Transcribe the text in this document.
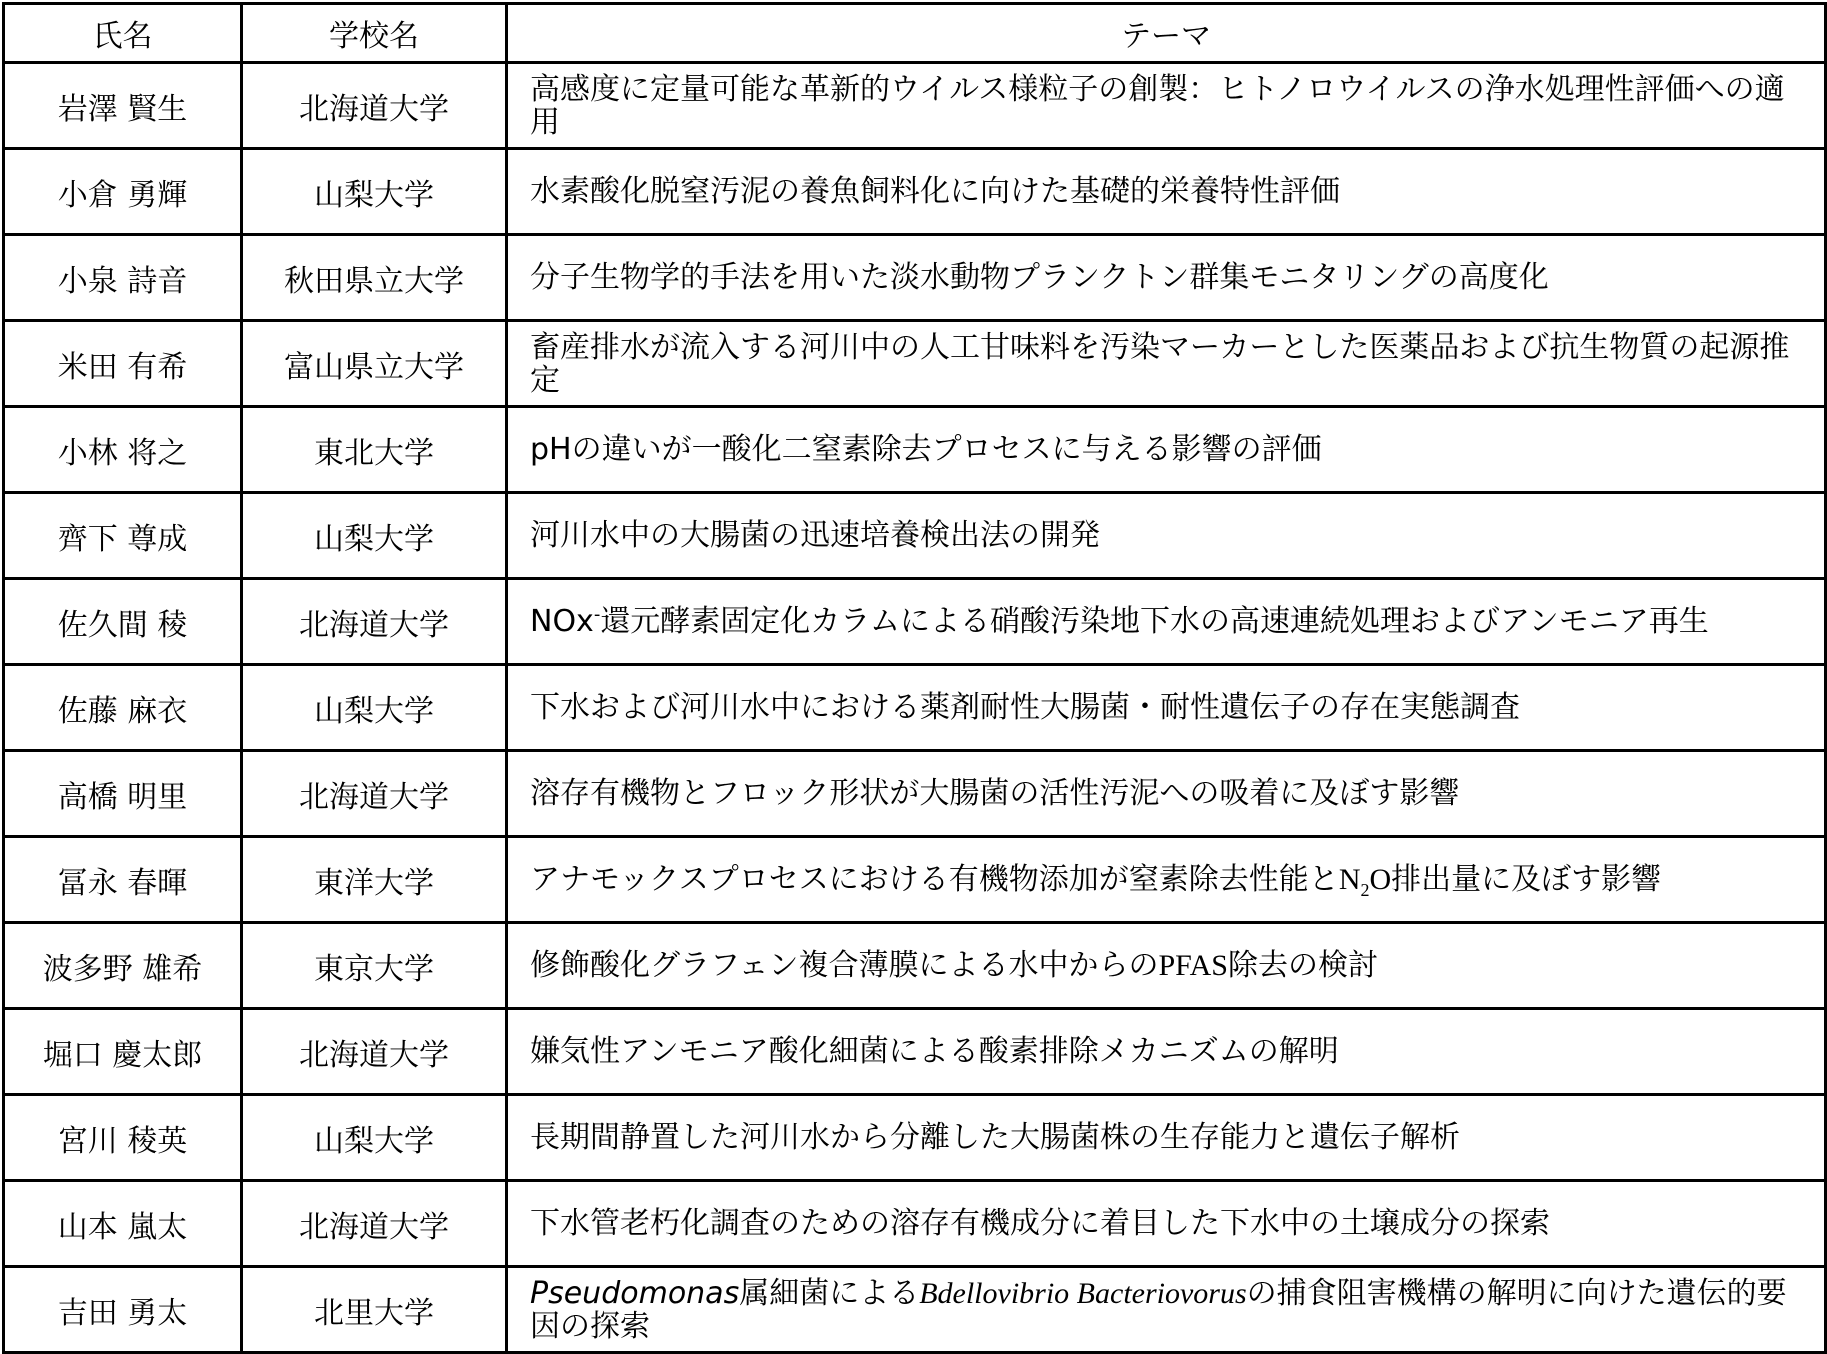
氏名	学校名	テーマ
岩澤 賢生	北海道大学	高感度に定量可能な革新的ウイルス様粒子の創製：ヒトノロウイルスの浄水処理性評価への適用
小倉 勇輝	山梨大学	水素酸化脱窒汚泥の養魚飼料化に向けた基礎的栄養特性評価
小泉 詩音	秋田県立大学	分子生物学的手法を用いた淡水動物プランクトン群集モニタリングの高度化
米田 有希	富山県立大学	畜産排水が流入する河川中の人工甘味料を汚染マーカーとした医薬品および抗生物質の起源推定
小林 将之	東北大学	pHの違いが一酸化二窒素除去プロセスに与える影響の評価
齊下 尊成	山梨大学	河川水中の大腸菌の迅速培養検出法の開発
佐久間 稜	北海道大学	NOx-還元酵素固定化カラムによる硝酸汚染地下水の高速連続処理およびアンモニア再生
佐藤 麻衣	山梨大学	下水および河川水中における薬剤耐性大腸菌・耐性遺伝子の存在実態調査
高橋 明里	北海道大学	溶存有機物とフロック形状が大腸菌の活性汚泥への吸着に及ぼす影響
冨永 春暉	東洋大学	アナモックスプロセスにおける有機物添加が窒素除去性能と$N_2O$排出量に及ぼす影響
波多野 雄希	東京大学	修飾酸化グラフェン複合薄膜による水中からのPFAS除去の検討
堀口 慶太郎	北海道大学	嫌気性アンモニア酸化細菌による酸素排除メカニズムの解明
宮川 稜英	山梨大学	長期間静置した河川水から分離した大腸菌株の生存能力と遺伝子解析
山本 嵐太	北海道大学	下水管老朽化調査のための溶存有機成分に着目した下水中の土壌成分の探索
吉田 勇太	北里大学	Pseudomonas属細菌によるBdellovibrio Bacteriovorusの捕食阻害機構の解明に向けた遺伝的要因の探索
